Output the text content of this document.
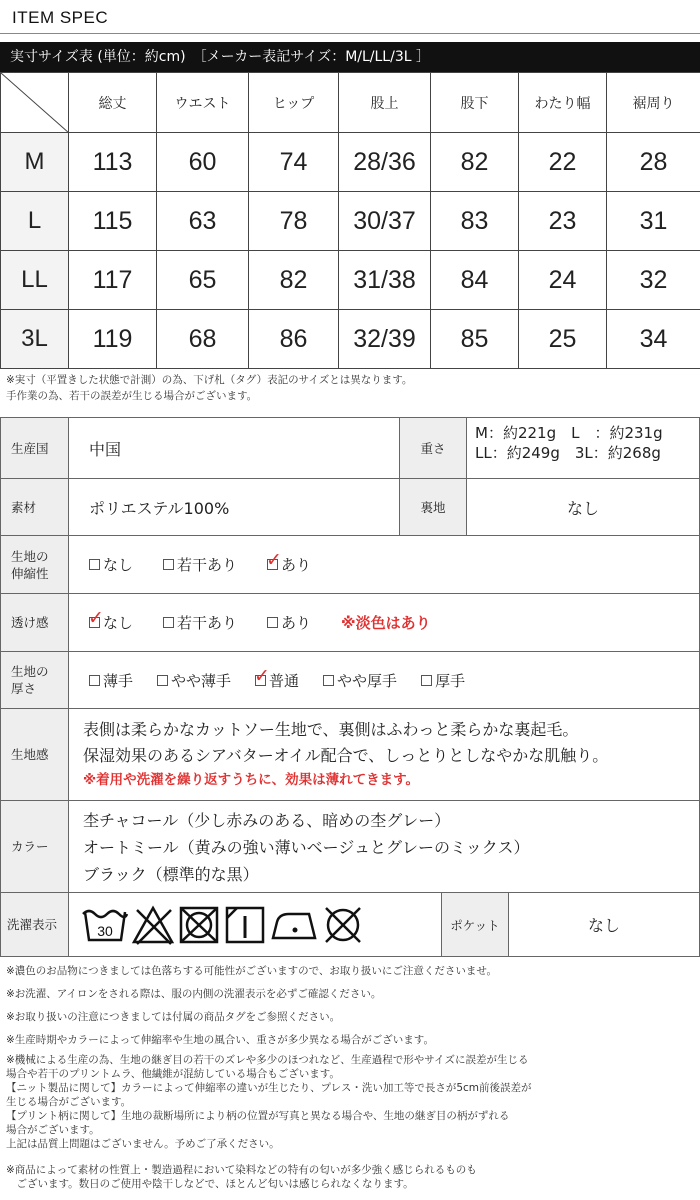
ITEM SPEC
実寸サイズ表 (単位：約cm)　［メーカー表記サイズ：M/L/LL/3L ］
	総丈	ウエスト	ヒップ	股上	股下	わたり幅	裾周り
M	113	60	74	28/36	82	22	28
L	115	63	78	30/37	83	23	31
LL	117	65	82	31/38	84	24	32
3L	119	68	86	32/39	85	25	34
※実寸（平置きした状態で計測）の為、下げ札（タグ）表記のサイズとは異なります。
手作業の為、若干の誤差が生じる場合がございます。
生産国	中国	重さ
M：約221g　L　：約231g
LL：約249g　3L：約268g
素材	ポリエステル100%	裏地	なし
生地の
伸縮性	なし	若干あり ✓ あり
透け感	✓ なし	若干あり	あり ※淡色はあり
生地の
厚さ	薄手	やや薄手 ✓ 普通	やや厚手	厚手
生地感
表側は柔らかなカットソー生地で、裏側はふわっと柔らかな裏起毛。
保湿効果のあるシアバターオイル配合で、しっとりとしなやかな肌触り。
※着用や洗濯を繰り返すうちに、効果は薄れてきます。
カラー
杢チャコール（少し赤みのある、暗めの杢グレー）
オートミール（黄みの強い薄いベージュとグレーのミックス）
ブラック（標準的な黒）
洗濯表示	30	ポケット	なし
※濃色のお品物につきましては色落ちする可能性がございますので、お取り扱いにご注意くださいませ。
※お洗濯、アイロンをされる際は、服の内側の洗濯表示を必ずご確認ください。
※お取り扱いの注意につきましては付属の商品タグをご参照ください。
※生産時期やカラーによって伸縮率や生地の風合い、重さが多少異なる場合がございます。
※機械による生産の為、生地の継ぎ目の若干のズレや多少のほつれなど、生産過程で形やサイズに誤差が生じる
場合や若干のプリントムラ、他繊維が混紡している場合もございます。
【ニット製品に関して】カラーによって伸縮率の違いが生じたり、プレス・洗い加工等で長さが5cm前後誤差が
生じる場合がございます。
【プリント柄に関して】生地の裁断場所により柄の位置が写真と異なる場合や、生地の継ぎ目の柄がずれる
場合がございます。
上記は品質上問題はございません。予めご了承ください。
※商品によって素材の性質上・製造過程において染料などの特有の匂いが多少強く感じられるものも
　ございます。数日のご使用や陰干しなどで、ほとんど匂いは感じられなくなります。
